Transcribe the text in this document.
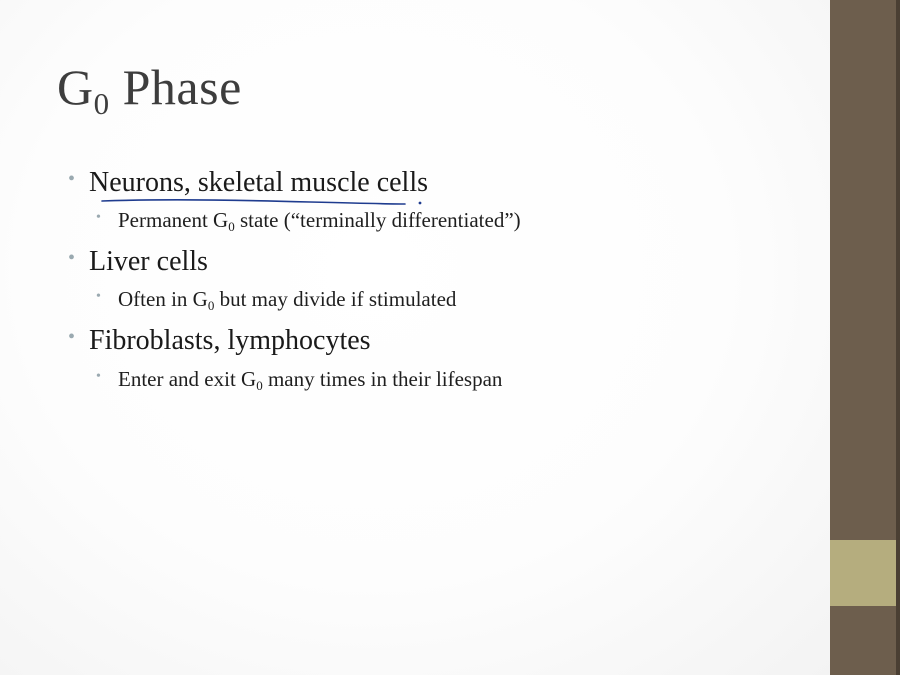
$G_0$ Phase
• Neurons, skeletal muscle cells
• Permanent $G_0$ state (“terminally differentiated”)
• Liver cells
• Often in $G_0$ but may divide if stimulated
• Fibroblasts, lymphocytes
• Enter and exit $G_0$ many times in their lifespan
